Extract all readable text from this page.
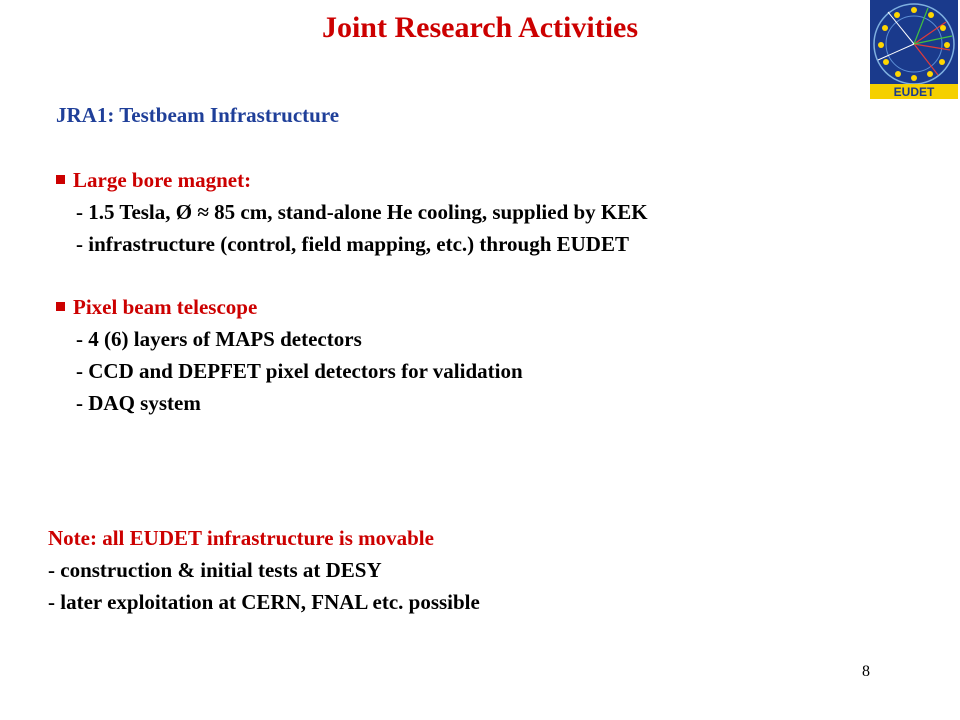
Joint Research Activities
EUDET
JRA1: Testbeam Infrastructure
Large bore magnet:
- 1.5 Tesla, Ø ≈ 85 cm, stand-alone He cooling, supplied by KEK
- infrastructure (control, field mapping, etc.) through EUDET
Pixel beam telescope
- 4 (6) layers of MAPS detectors
- CCD and DEPFET pixel detectors for validation
- DAQ system
Note: all EUDET infrastructure is movable
- construction & initial tests at DESY
- later exploitation at CERN, FNAL etc. possible
8
